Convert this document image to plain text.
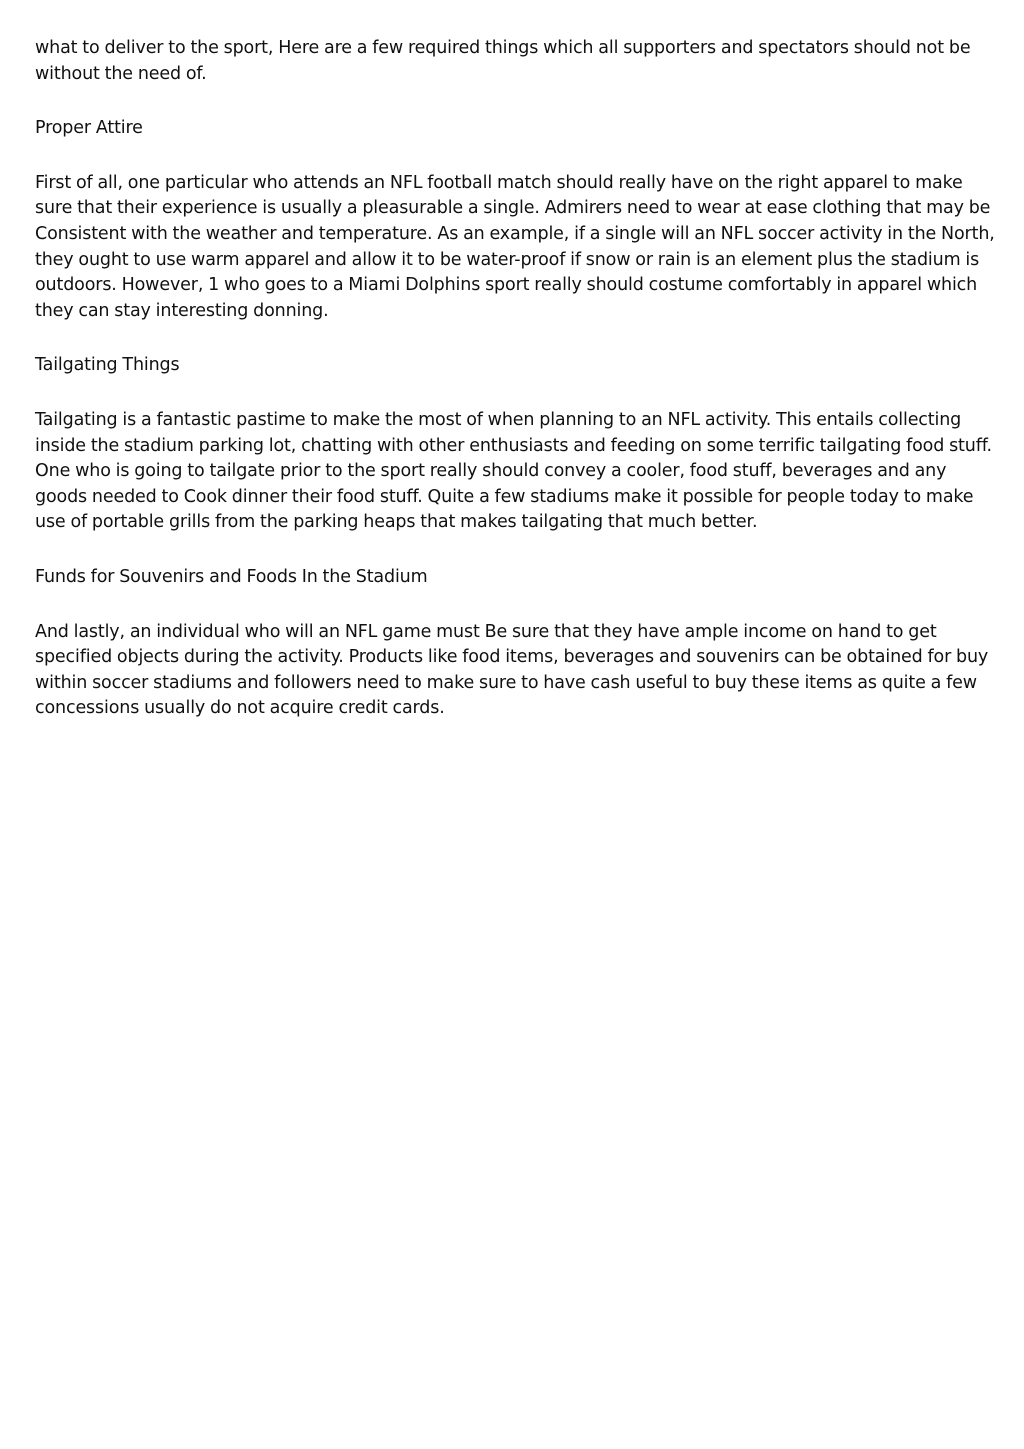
what to deliver to the sport, Here are a few required things which all supporters and spectators should not be without the need of.

Proper Attire

First of all, one particular who attends an NFL football match should really have on the right apparel to make sure that their experience is usually a pleasurable a single. Admirers need to wear at ease clothing that may be Consistent with the weather and temperature. As an example, if a single will an NFL soccer activity in the North, they ought to use warm apparel and allow it to be water-proof if snow or rain is an element plus the stadium is outdoors. However, 1 who goes to a Miami Dolphins sport really should costume comfortably in apparel which they can stay interesting donning.

Tailgating Things

Tailgating is a fantastic pastime to make the most of when planning to an NFL activity. This entails collecting inside the stadium parking lot, chatting with other enthusiasts and feeding on some terrific tailgating food stuff. One who is going to tailgate prior to the sport really should convey a cooler, food stuff, beverages and any goods needed to Cook dinner their food stuff. Quite a few stadiums make it possible for people today to make use of portable grills from the parking heaps that makes tailgating that much better.

Funds for Souvenirs and Foods In the Stadium

And lastly, an individual who will an NFL game must Be sure that they have ample income on hand to get specified objects during the activity. Products like food items, beverages and souvenirs can be obtained for buy within soccer stadiums and followers need to make sure to have cash useful to buy these items as quite a few concessions usually do not acquire credit cards.
